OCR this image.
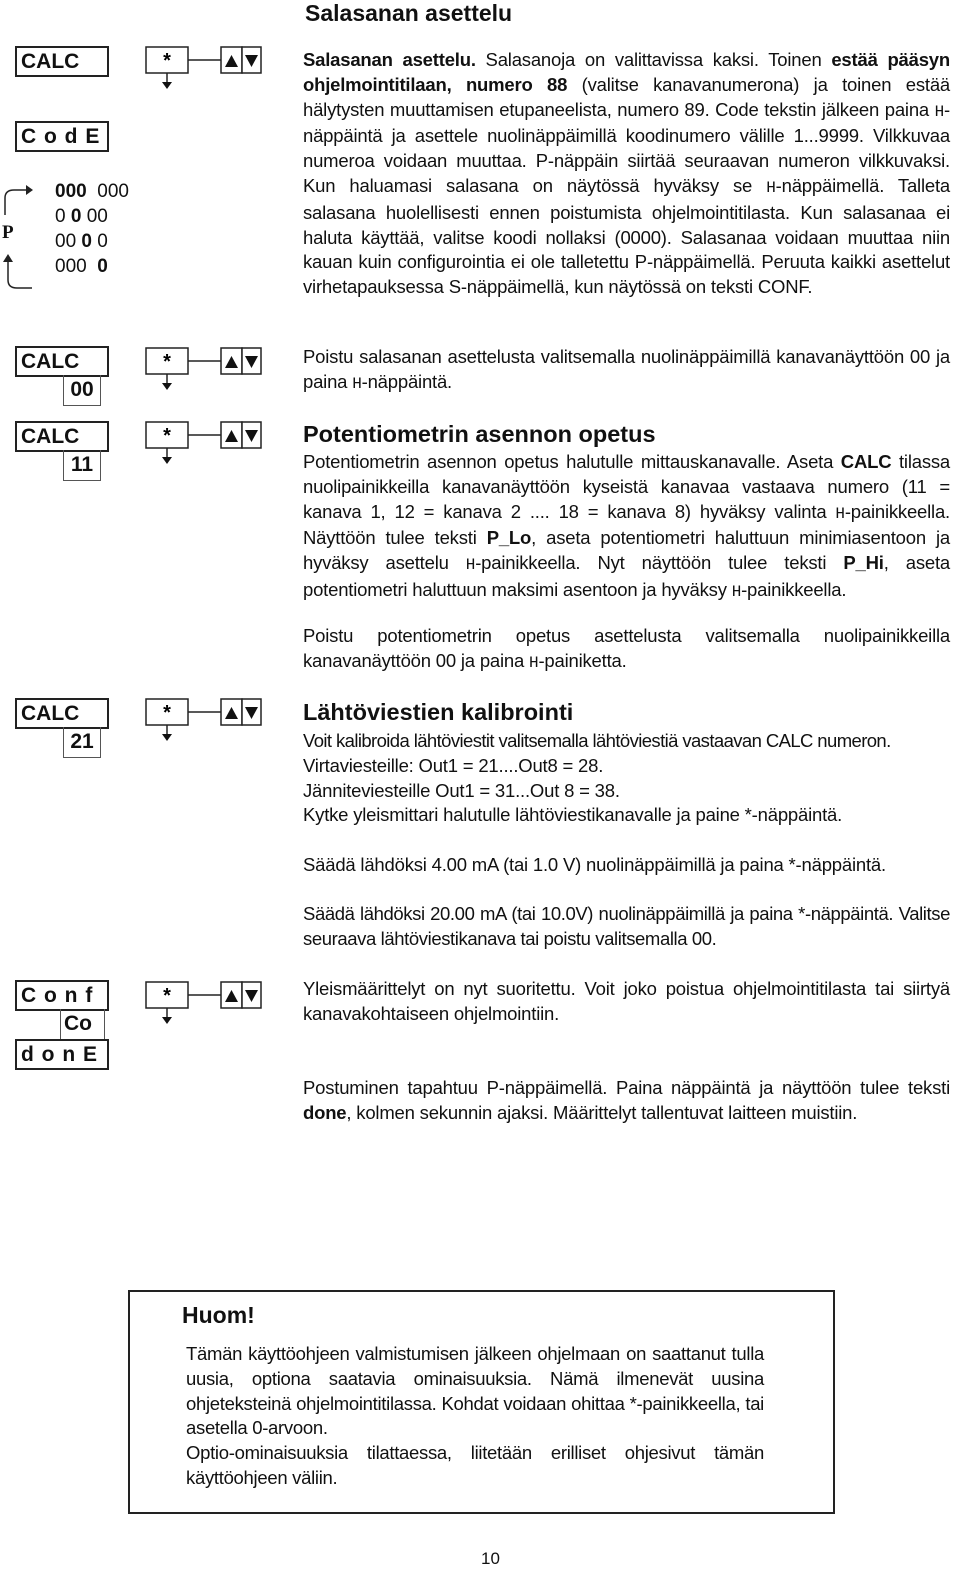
Salasanan asettelu
CALC
C o d E
P
000 000
0 0 00
00 0 0
000  0
CALC
00
CALC
11
CALC
21
C o n f
Co
d o n E
*
*
*
*
*
Salasanan asettelu. Salasanoja on valittavissa kaksi. Toinen estää pääsyn ohjelmointitilaan, numero 88 (valitse kanavanumerona) ja toinen estää hälytysten muuttamisen etupaneelista, numero 89. Code tekstin jälkeen paina H-näppäintä ja asettele nuolinäppäimillä koodinumero välille 1...9999. Vilkkuvaa numeroa voidaan muuttaa. P-näppäin siirtää seuraavan numeron vilkkuvaksi. Kun haluamasi salasana on näytössä hyväksy se H-näppäimellä. Talleta salasana huolellisesti ennen poistumista ohjelmointitilasta. Kun salasanaa ei haluta käyttää, valitse koodi nollaksi (0000). Salasanaa voidaan muuttaa niin kauan kuin configurointia ei ole talletettu P-näppäimellä. Peruuta kaikki asettelut virhetapauksessa S-näppäimellä, kun näytössä on teksti CONF.
Poistu salasanan asettelusta valitsemalla nuolinäppäimillä kanavanäyttöön 00 ja paina H-näppäintä.
Potentiometrin asennon opetus
Potentiometrin asennon opetus halutulle mittauskanavalle. Aseta CALC tilassa nuolipainikkeilla kanavanäyttöön kyseistä kanavaa vastaava numero (11 = kanava 1, 12 = kanava 2 .... 18 = kanava 8) hyväksy valinta H-painikkeella. Näyttöön tulee teksti P_Lo, aseta potentiometri haluttuun minimiasentoon ja hyväksy asettelu H-painikkeella. Nyt näyttöön tulee teksti P_Hi, aseta potentiometri haluttuun maksimi asentoon ja hyväksy H-painikkeella.
Poistu potentiometrin opetus asettelusta valitsemalla nuolipainikkeilla kanavanäyttöön 00 ja paina H-painiketta.
Lähtöviestien kalibrointi
Voit kalibroida lähtöviestit valitsemalla lähtöviestiä vastaavan CALC numeron.
Virtaviesteille: Out1 = 21....Out8 = 28.
Jänniteviesteille Out1 = 31...Out 8 = 38.
Kytke yleismittari halutulle lähtöviestikanavalle ja paine *-näppäintä.
Säädä lähdöksi 4.00 mA (tai 1.0 V) nuolinäppäimillä ja paina *-näppäintä.
Säädä lähdöksi 20.00 mA (tai 10.0V) nuolinäppäimillä ja paina *-näppäintä. Valitse seuraava lähtöviestikanava tai poistu valitsemalla 00.
Yleismäärittelyt on nyt suoritettu. Voit joko poistua ohjelmointitilasta tai siirtyä kanavakohtaiseen ohjelmointiin.
Postuminen tapahtuu P-näppäimellä. Paina näppäintä ja näyttöön tulee teksti done, kolmen sekunnin ajaksi. Määrittelyt tallentuvat laitteen muistiin.
Huom!
Tämän käyttöohjeen valmistumisen jälkeen ohjelmaan on saattanut tulla uusia, optiona saatavia ominaisuuksia. Nämä ilmenevät uusina ohjeteksteinä ohjelmointitilassa. Kohdat voidaan ohittaa *-painikkeella, tai asetella 0-arvoon.
Optio-ominaisuuksia tilattaessa, liitetään erilliset ohjesivut tämän käyttöohjeen väliin.
10
